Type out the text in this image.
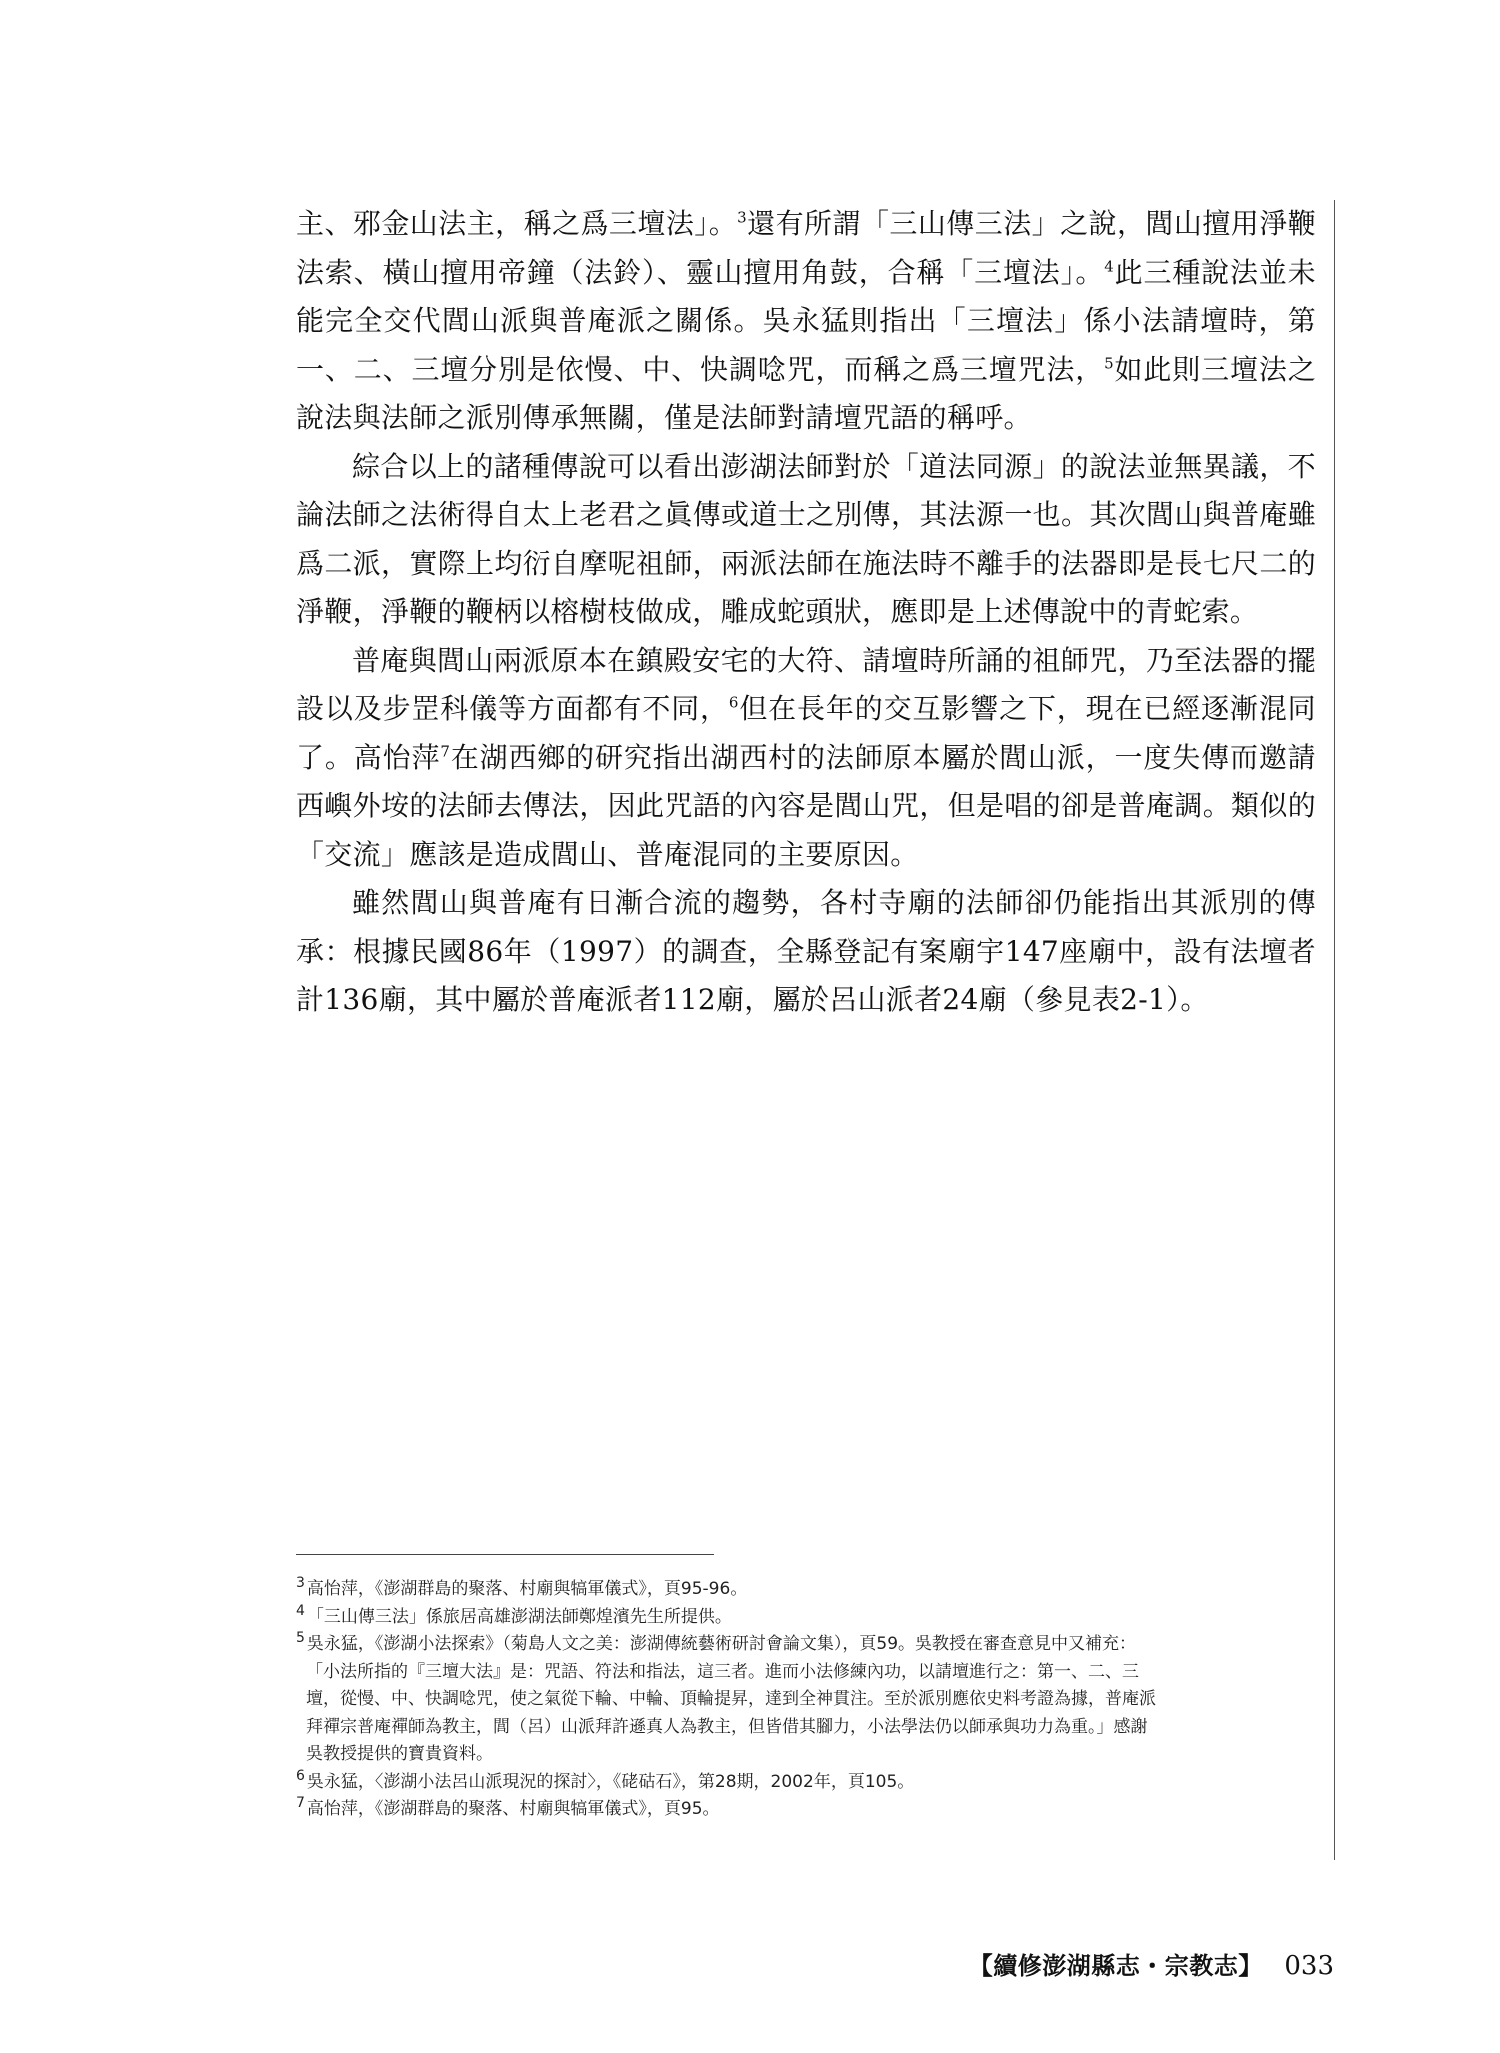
主、邪金山法主，稱之爲三壇法」。$^3$還有所謂「三山傳三法」之說，閭山擅用淨鞭法索、橫山擅用帝鐘（法鈴）、靈山擅用角鼓，合稱「三壇法」。$^4$此三種說法並未能完全交代閭山派與普庵派之關係。吳永猛則指出「三壇法」係小法請壇時，第一、二、三壇分別是依慢、中、快調唸咒，而稱之爲三壇咒法，$^5$如此則三壇法之說法與法師之派別傳承無關，僅是法師對請壇咒語的稱呼。

綜合以上的諸種傳說可以看出澎湖法師對於「道法同源」的說法並無異議，不論法師之法術得自太上老君之眞傳或道士之別傳，其法源一也。其次閭山與普庵雖爲二派，實際上均衍自摩呢祖師，兩派法師在施法時不離手的法器即是長七尺二的淨鞭，淨鞭的鞭柄以榕樹枝做成，雕成蛇頭狀，應即是上述傳說中的青蛇索。

普庵與閭山兩派原本在鎮殿安宅的大符、請壇時所誦的祖師咒，乃至法器的擺設以及步罡科儀等方面都有不同，$^6$但在長年的交互影響之下，現在已經逐漸混同了。高怡萍$^7$在湖西鄉的研究指出湖西村的法師原本屬於閭山派，一度失傳而邀請西嶼外垵的法師去傳法，因此咒語的內容是閭山咒，但是唱的卻是普庵調。類似的「交流」應該是造成閭山、普庵混同的主要原因。

雖然閭山與普庵有日漸合流的趨勢，各村寺廟的法師卻仍能指出其派別的傳承：根據民國86年（1997）的調查，全縣登記有案廟宇147座廟中，設有法壇者計136廟，其中屬於普庵派者112廟，屬於呂山派者24廟（參見表2-1）。

$^3$ 高怡萍，《澎湖群島的聚落、村廟與犒軍儀式》，頁95-96。
$^4$ 「三山傳三法」係旅居高雄澎湖法師鄭煌濱先生所提供。
$^5$ 吳永猛，《澎湖小法探索》（菊島人文之美：澎湖傳統藝術研討會論文集），頁59。吳教授在審查意見中又補充：
「小法所指的『三壇大法』是：咒語、符法和指法，這三者。進而小法修練內功，以請壇進行之：第一、二、三
壇，從慢、中、快調唸咒，使之氣從下輪、中輪、頂輪提昇，達到全神貫注。至於派別應依史料考證為據，普庵派
拜禪宗普庵禪師為教主，閭（呂）山派拜許遜真人為教主，但皆借其腳力，小法學法仍以師承與功力為重。」感謝
吳教授提供的寶貴資料。
$^6$ 吳永猛，〈澎湖小法呂山派現況的探討〉，《硓𥑮石》，第28期，2002年，頁105。
$^7$ 高怡萍，《澎湖群島的聚落、村廟與犒軍儀式》，頁95。
【續修澎湖縣志・宗教志】 033
